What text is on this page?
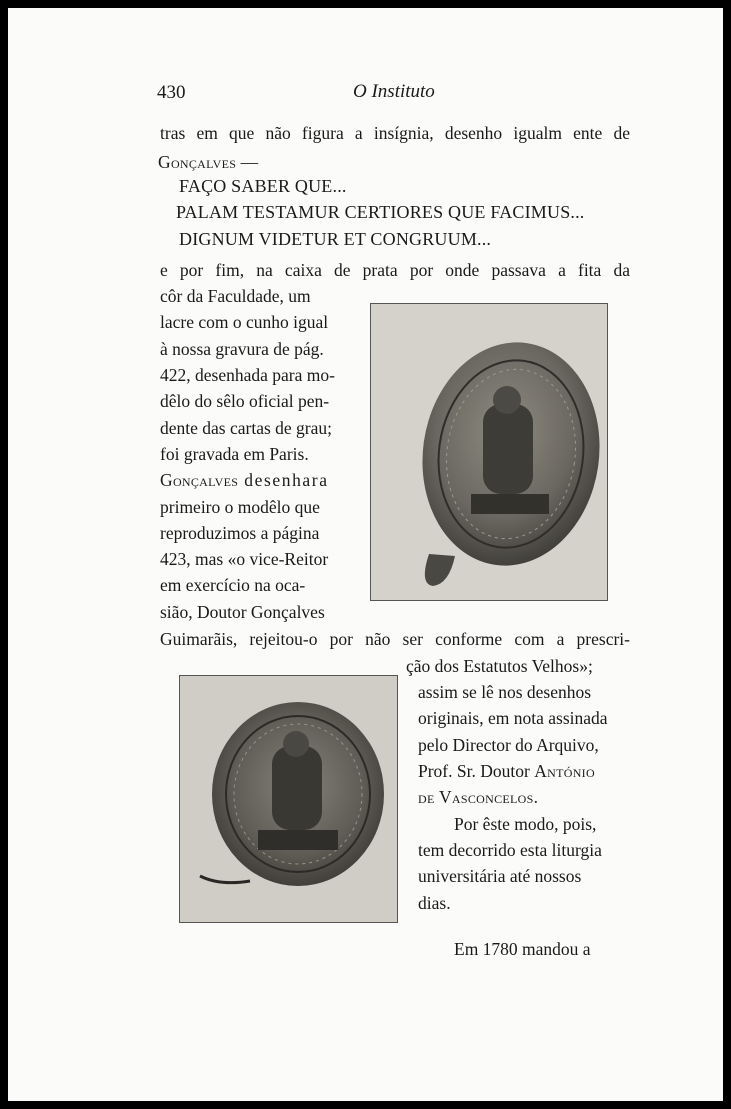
430	O Instituto
tras em que não figura a insígnia, desenho igualm ente de
Gonçalves —
FAÇO SABER QUE...
PALAM TESTAMUR CERTIORES QUE FACIMUS...
DIGNUM VIDETUR ET CONGRUUM...
e por fim, na caixa de prata por onde passava a fita da
côr da Faculdade, um
lacre com o cunho igual
à nossa gravura de pág.
422, desenhada para mo-
dêlo do sêlo oficial pen-
dente das cartas de grau;
foi gravada em Paris.
Gonçalves desenhara
primeiro o modêlo que
reproduzimos a página
423, mas «o vice-Reitor
em exercício na oca-
sião, Doutor Gonçalves
Guimarãis, rejeitou-o por não ser conforme com a prescri-
ção dos Estatutos Velhos»;
assim se lê nos desenhos
originais, em nota assinada
pelo Director do Arquivo,
Prof. Sr. Doutor António
de Vasconcelos.
Por êste modo, pois,
tem decorrido esta liturgia
universitária até nossos
dias.
Em 1780 mandou a
